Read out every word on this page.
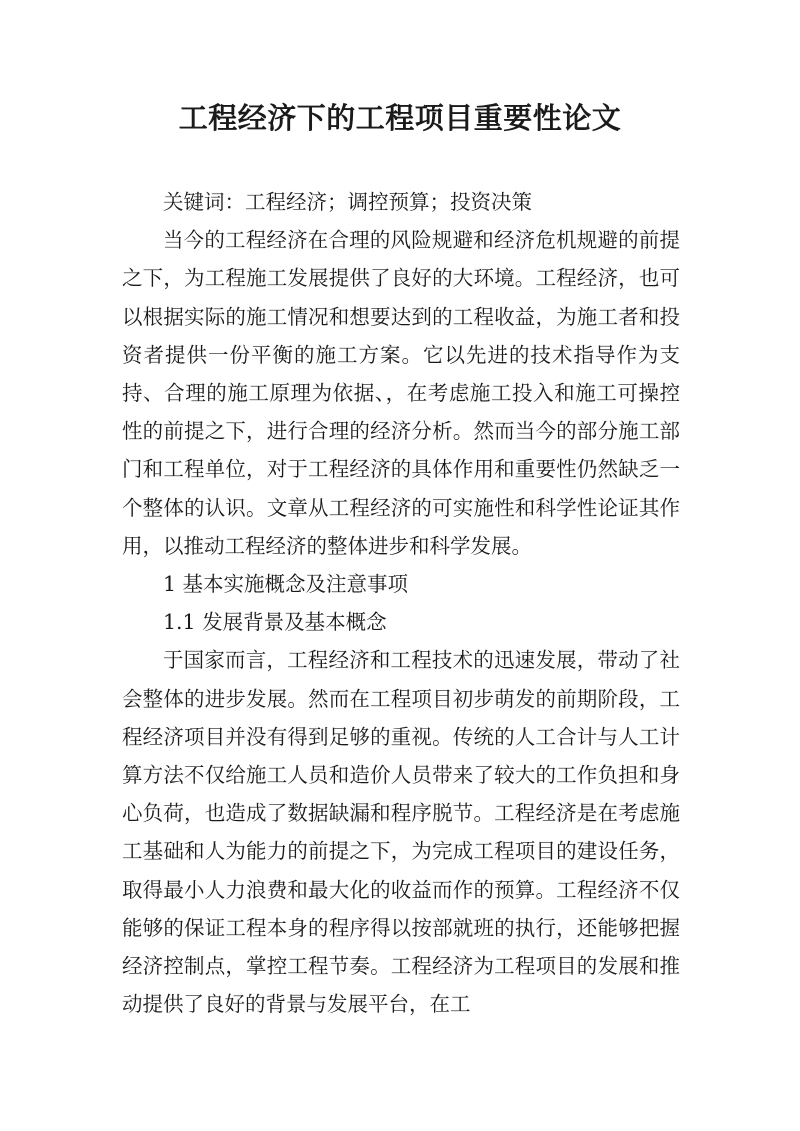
工程经济下的工程项目重要性论文

关键词：工程经济；调控预算；投资决策

当今的工程经济在合理的风险规避和经济危机规避的前提之下，为工程施工发展提供了良好的大环境。工程经济，也可以根据实际的施工情况和想要达到的工程收益，为施工者和投资者提供一份平衡的施工方案。它以先进的技术指导作为支持、合理的施工原理为依据、，在考虑施工投入和施工可操控性的前提之下，进行合理的经济分析。然而当今的部分施工部门和工程单位，对于工程经济的具体作用和重要性仍然缺乏一个整体的认识。文章从工程经济的可实施性和科学性论证其作用，以推动工程经济的整体进步和科学发展。

1 基本实施概念及注意事项

1.1 发展背景及基本概念

于国家而言，工程经济和工程技术的迅速发展，带动了社会整体的进步发展。然而在工程项目初步萌发的前期阶段，工程经济项目并没有得到足够的重视。传统的人工合计与人工计算方法不仅给施工人员和造价人员带来了较大的工作负担和身心负荷，也造成了数据缺漏和程序脱节。工程经济是在考虑施工基础和人为能力的前提之下，为完成工程项目的建设任务，取得最小人力浪费和最大化的收益而作的预算。工程经济不仅能够的保证工程本身的程序得以按部就班的执行，还能够把握经济控制点，掌控工程节奏。工程经济为工程项目的发展和推动提供了良好的背景与发展平台，在工
